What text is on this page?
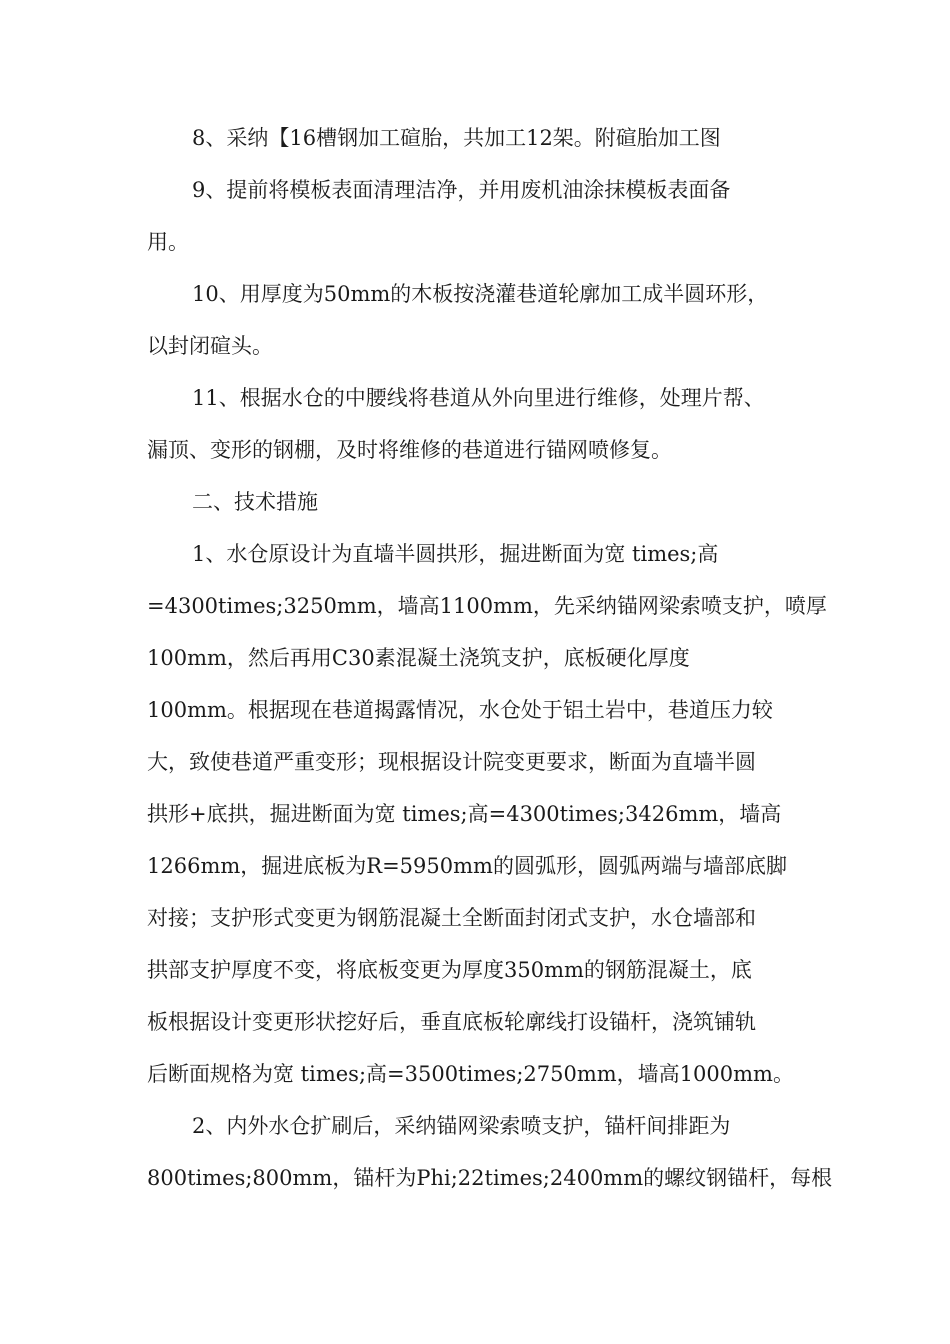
8、采纳【16槽钢加工碹胎，共加工12架。附碹胎加工图
9、提前将模板表面清理洁净，并用废机油涂抹模板表面备
用。
10、用厚度为50mm的木板按浇灌巷道轮廓加工成半圆环形，
以封闭碹头。
11、根据水仓的中腰线将巷道从外向里进行维修，处理片帮、
漏顶、变形的钢棚，及时将维修的巷道进行锚网喷修复。
二、技术措施
1、水仓原设计为直墙半圆拱形，掘进断面为宽 times;高
=4300times;3250mm，墙高1100mm，先采纳锚网梁索喷支护，喷厚
100mm，然后再用C30素混凝土浇筑支护，底板硬化厚度
100mm。根据现在巷道揭露情况，水仓处于铝土岩中，巷道压力较
大，致使巷道严重变形；现根据设计院变更要求，断面为直墙半圆
拱形+底拱，掘进断面为宽 times;高=4300times;3426mm，墙高
1266mm，掘进底板为R=5950mm的圆弧形，圆弧两端与墙部底脚
对接；支护形式变更为钢筋混凝土全断面封闭式支护，水仓墙部和
拱部支护厚度不变，将底板变更为厚度350mm的钢筋混凝土，底
板根据设计变更形状挖好后，垂直底板轮廓线打设锚杆，浇筑铺轨
后断面规格为宽 times;高=3500times;2750mm，墙高1000mm。
2、内外水仓扩刷后，采纳锚网梁索喷支护，锚杆间排距为
800times;800mm，锚杆为Phi;22times;2400mm的螺纹钢锚杆，每根
